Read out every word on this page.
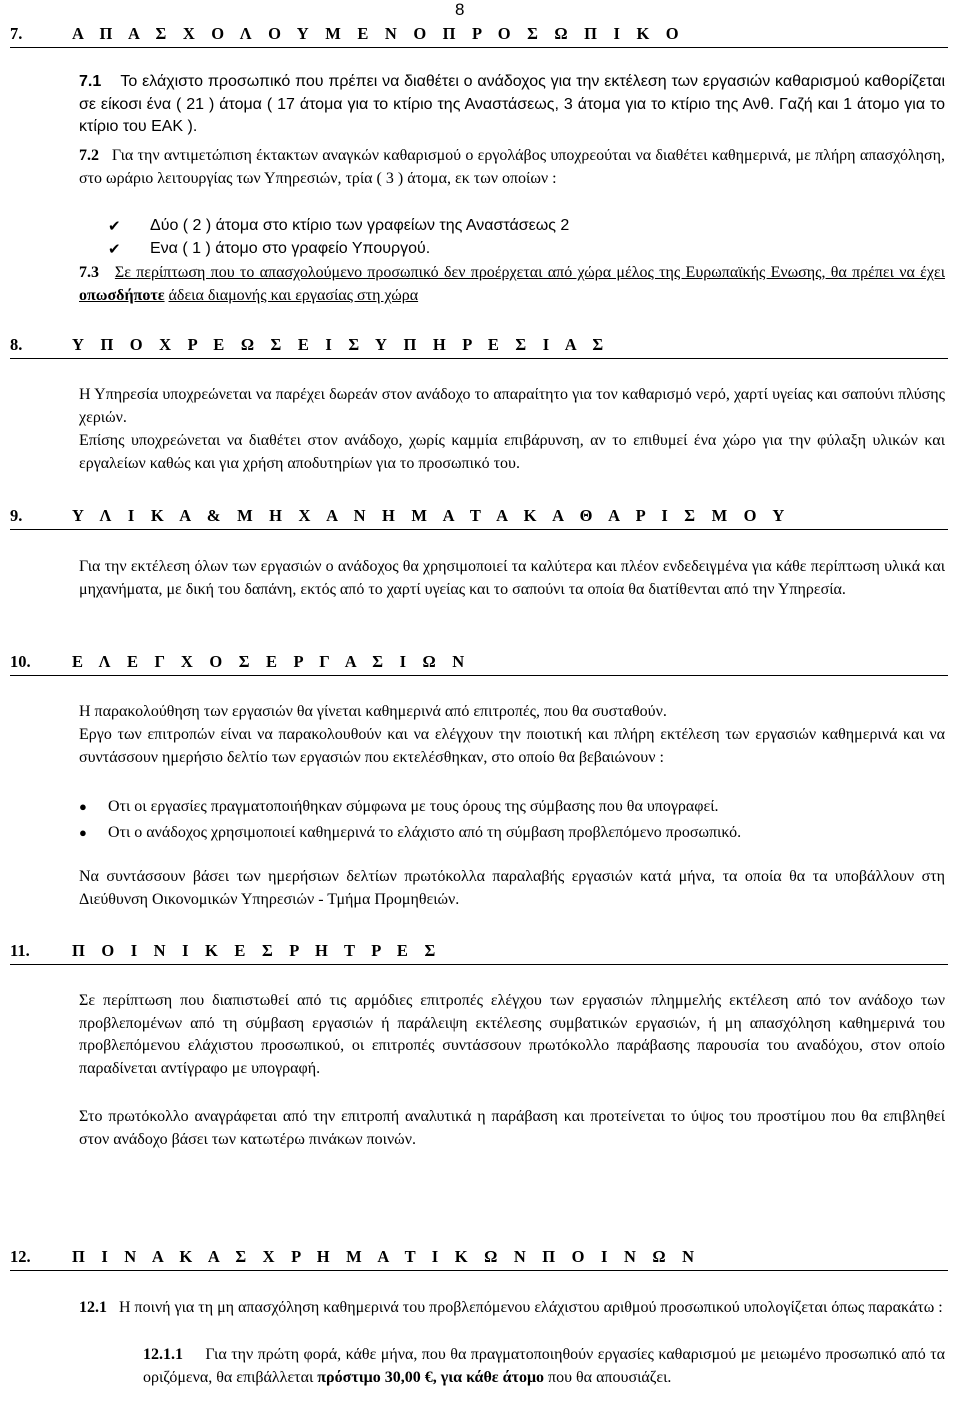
8
7.	Α Π Α Σ Χ Ο Λ Ο Υ Μ Ε Ν Ο Π Ρ Ο Σ Ω Π Ι Κ Ο
7.1 Το ελάχιστο προσωπικό που πρέπει να διαθέτει ο ανάδοχος για την εκτέλεση των εργασιών καθαρισμού καθορίζεται σε είκοσι ένα ( 21 ) άτομα ( 17 άτομα για το κτίριο της Αναστάσεως, 3 άτομα για το κτίριο της Ανθ. Γαζή και 1 άτομο για το κτίριο του ΕΑΚ ).
7.2 Για την αντιμετώπιση έκτακτων αναγκών καθαρισμού ο εργολάβος υποχρεούται να διαθέτει καθημερινά, με πλήρη απασχόληση, στο ωράριο λειτουργίας των Υπηρεσιών, τρία ( 3 ) άτομα, εκ των οποίων :
✔ Δύο ( 2 ) άτομα στο κτίριο των γραφείων της Αναστάσεως 2
✔ Ενα ( 1 ) άτομο στο γραφείο Υπουργού.
7.3 Σε περίπτωση που το απασχολούμενο προσωπικό δεν προέρχεται από χώρα μέλος της Ευρωπαϊκής Ενωσης, θα πρέπει να έχει οπωσδήποτε άδεια διαμονής και εργασίας στη χώρα
8.	Υ Π Ο Χ Ρ Ε Ω Σ Ε Ι Σ Υ Π Η Ρ Ε Σ Ι Α Σ
Η Υπηρεσία υποχρεώνεται να παρέχει δωρεάν στον ανάδοχο το απαραίτητο για τον καθαρισμό νερό, χαρτί υγείας και σαπούνι πλύσης χεριών.
Επίσης υποχρεώνεται να διαθέτει στον ανάδοχο, χωρίς καμμία επιβάρυνση, αν το επιθυμεί ένα χώρο για την φύλαξη υλικών και εργαλείων καθώς και για χρήση αποδυτηρίων για το προσωπικό του.
9.	Υ Λ Ι Κ Α & Μ Η Χ Α Ν Η Μ Α Τ Α Κ Α Θ Α Ρ Ι Σ Μ Ο Υ
Για την εκτέλεση όλων των εργασιών ο ανάδοχος θα χρησιμοποιεί τα καλύτερα και πλέον ενδεδειγμένα για κάθε περίπτωση υλικά και μηχανήματα, με δική του δαπάνη, εκτός από το χαρτί υγείας και το σαπούνι τα οποία θα διατίθενται από την Υπηρεσία.
10.	Ε Λ Ε Γ Χ Ο Σ Ε Ρ Γ Α Σ Ι Ω Ν
Η παρακολούθηση των εργασιών θα γίνεται καθημερινά από επιτροπές, που θα συσταθούν.
Εργο των επιτροπών είναι να παρακολουθούν και να ελέγχουν την ποιοτική και πλήρη εκτέλεση των εργασιών καθημερινά και να συντάσσουν ημερήσιο δελτίο των εργασιών που εκτελέσθηκαν, στο οποίο θα βεβαιώνουν :
● Οτι οι εργασίες πραγματοποιήθηκαν σύμφωνα με τους όρους της σύμβασης που θα υπογραφεί.
● Οτι ο ανάδοχος χρησιμοποιεί καθημερινά το ελάχιστο από τη σύμβαση προβλεπόμενο προσωπικό.
Να συντάσσουν βάσει των ημερήσιων δελτίων πρωτόκολλα παραλαβής εργασιών κατά μήνα, τα οποία θα τα υποβάλλουν στη Διεύθυνση Οικονομικών Υπηρεσιών - Τμήμα Προμηθειών.
11.	Π Ο Ι Ν Ι Κ Ε Σ Ρ Η Τ Ρ Ε Σ
Σε περίπτωση που διαπιστωθεί από τις αρμόδιες επιτροπές ελέγχου των εργασιών πλημμελής εκτέλεση από τον ανάδοχο των προβλεπομένων από τη σύμβαση εργασιών ή παράλειψη εκτέλεσης συμβατικών εργασιών, ή μη απασχόληση καθημερινά του προβλεπόμενου ελάχιστου προσωπικού, οι επιτροπές συντάσσουν πρωτόκολλο παράβασης παρουσία του αναδόχου, στον οποίο παραδίνεται αντίγραφο με υπογραφή.
Στο πρωτόκολλο αναγράφεται από την επιτροπή αναλυτικά η παράβαση και προτείνεται το ύψος του προστίμου που θα επιβληθεί στον ανάδοχο βάσει των κατωτέρω πινάκων ποινών.
12.	Π Ι Ν Α Κ Α Σ Χ Ρ Η Μ Α Τ Ι Κ Ω Ν Π Ο Ι Ν Ω Ν
12.1 Η ποινή για τη μη απασχόληση καθημερινά του προβλεπόμενου ελάχιστου αριθμού προσωπικού υπολογίζεται όπως παρακάτω :
12.1.1 Για την πρώτη φορά, κάθε μήνα, που θα πραγματοποιηθούν εργασίες καθαρισμού με μειωμένο προσωπικό από τα οριζόμενα, θα επιβάλλεται πρόστιμο 30,00 €, για κάθε άτομο που θα απουσιάζει.
